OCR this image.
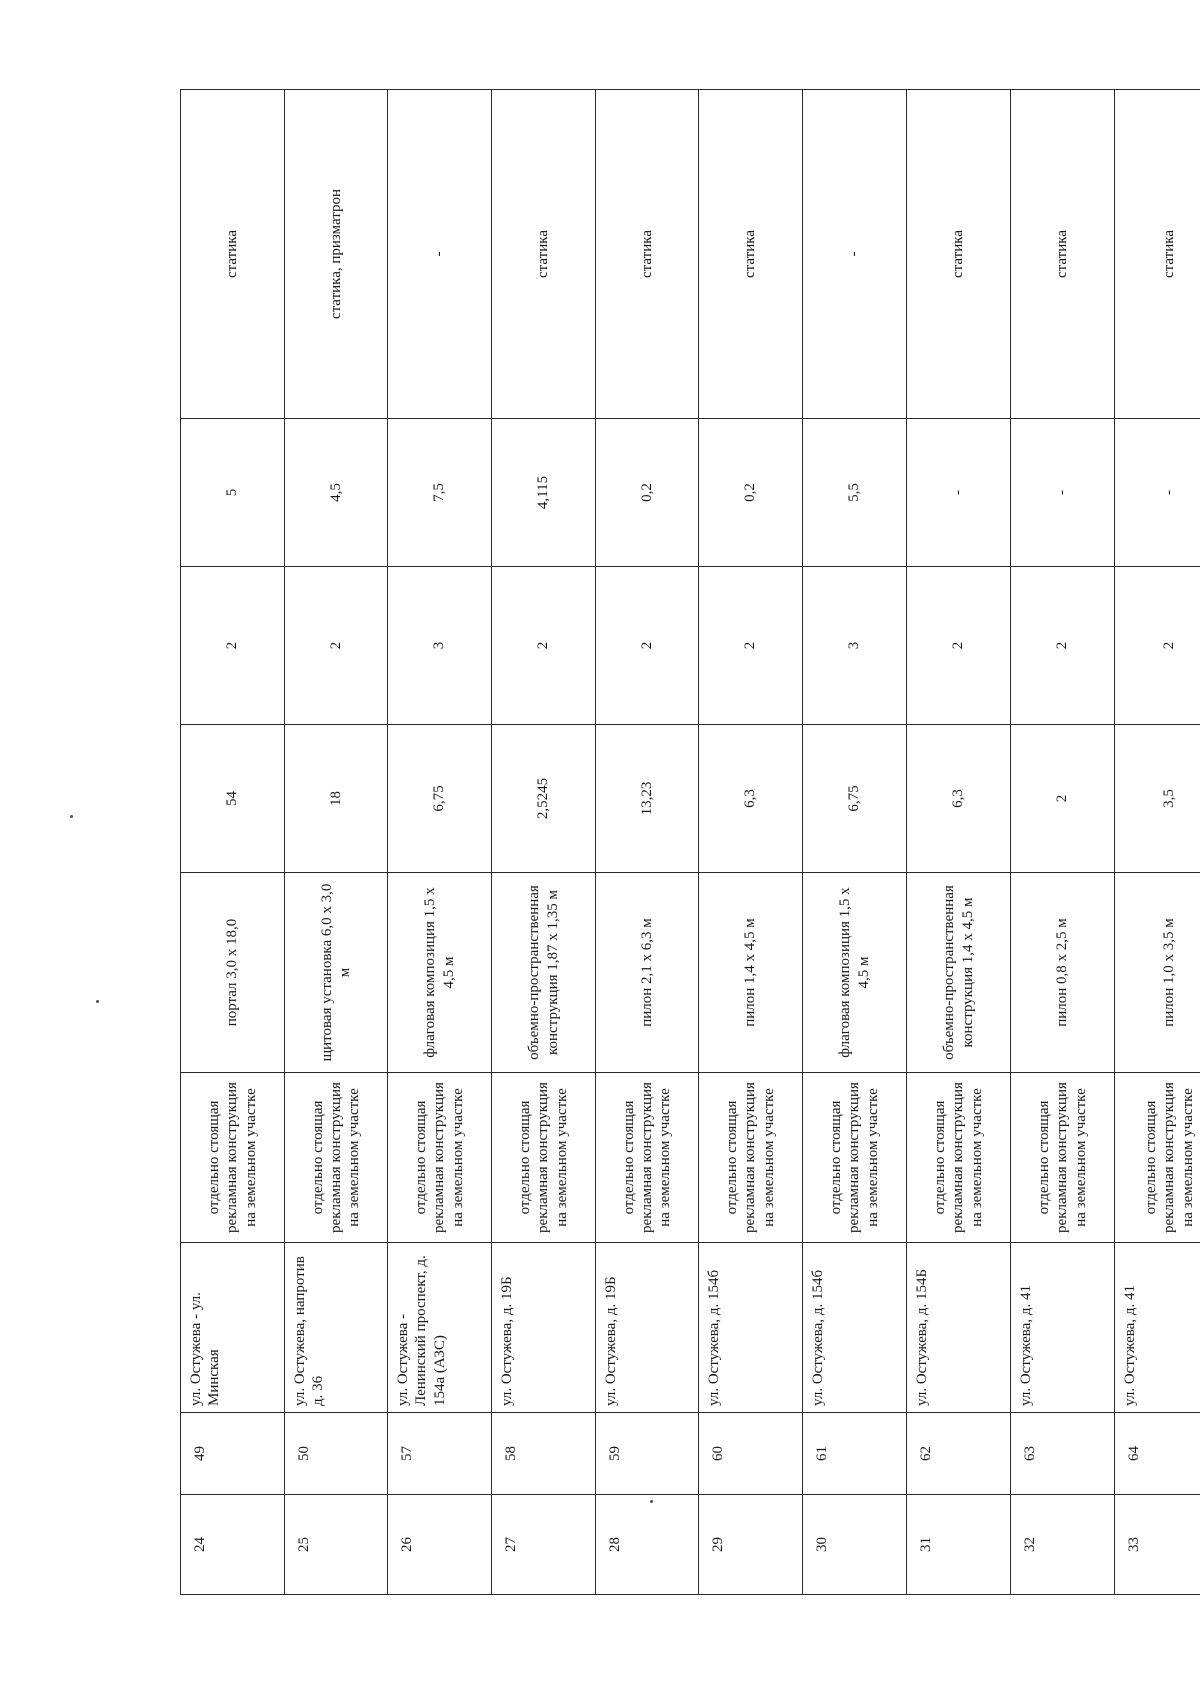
24	49	ул. Остужева - ул. Минская	отдельно стоящая рекламная конструкция на земельном участке	портал 3,0 х 18,0	54	2	5	статика
25	50	ул. Остужева, напротив д. 36	отдельно стоящая рекламная конструкция на земельном участке	щитовая установка 6,0 х 3,0 м	18	2	4,5	статика, призматрон
26	57	ул. Остужева - Ленинский проспект, д. 154а (АЗС)	отдельно стоящая рекламная конструкция на земельном участке	флаговая композиция 1,5 х 4,5 м	6,75	3	7,5	-
27	58	ул. Остужева, д. 19Б	отдельно стоящая рекламная конструкция на земельном участке	объемно-пространственная конструкция 1,87 х 1,35 м	2,5245	2	4,115	статика
28	59	ул. Остужева, д. 19Б	отдельно стоящая рекламная конструкция на земельном участке	пилон 2,1 х 6,3 м	13,23	2	0,2	статика
29	60	ул. Остужева, д. 154б	отдельно стоящая рекламная конструкция на земельном участке	пилон 1,4 х 4,5 м	6,3	2	0,2	статика
30	61	ул. Остужева, д. 154б	отдельно стоящая рекламная конструкция на земельном участке	флаговая композиция 1,5 х 4,5 м	6,75	3	5,5	-
31	62	ул. Остужева, д. 154Б	отдельно стоящая рекламная конструкция на земельном участке	объемно-пространственная конструкция 1,4 х 4,5 м	6,3	2	-	статика
32	63	ул. Остужева, д. 41	отдельно стоящая рекламная конструкция на земельном участке	пилон 0,8 х 2,5 м	2	2	-	статика
33	64	ул. Остужева, д. 41	отдельно стоящая рекламная конструкция на земельном участке	пилон 1,0 х 3,5 м	3,5	2	-	статика
